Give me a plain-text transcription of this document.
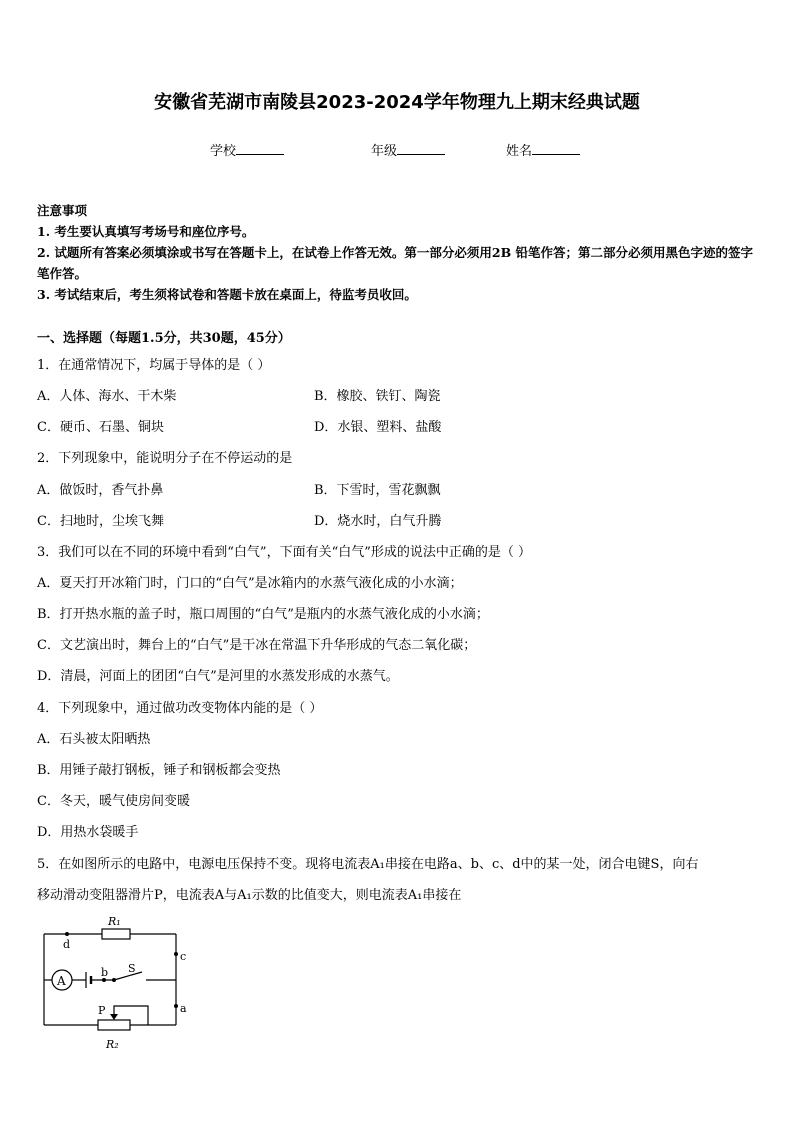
安徽省芜湖市南陵县2023-2024学年物理九上期末经典试题
学校	年级	姓名
注意事项
1. 考生要认真填写考场号和座位序号。
2. 试题所有答案必须填涂或书写在答题卡上，在试卷上作答无效。第一部分必须用2B 铅笔作答；第二部分必须用黑色字迹的签字笔作答。
3. 考试结束后，考生须将试卷和答题卡放在桌面上，待监考员收回。
一、选择题（每题1.5分，共30题，45分）
1．在通常情况下，均属于导体的是（ ）
A．人体、海水、干木柴	B．橡胶、铁钉、陶瓷
C．硬币、石墨、铜块	D．水银、塑料、盐酸
2．下列现象中，能说明分子在不停运动的是
A．做饭时，香气扑鼻	B．下雪时，雪花飘飘
C．扫地时，尘埃飞舞	D．烧水时，白气升腾
3．我们可以在不同的环境中看到“白气”，下面有关“白气”形成的说法中正确的是（ ）
A．夏天打开冰箱门时，门口的“白气”是冰箱内的水蒸气液化成的小水滴；
B．打开热水瓶的盖子时，瓶口周围的“白气”是瓶内的水蒸气液化成的小水滴；
C．文艺演出时，舞台上的“白气”是干冰在常温下升华形成的气态二氧化碳；
D．清晨，河面上的团团“白气”是河里的水蒸发形成的水蒸气。
4．下列现象中，通过做功改变物体内能的是（ ）
A．石头被太阳晒热
B．用锤子敲打钢板，锤子和钢板都会变热
C．冬天，暖气使房间变暖
D．用热水袋暖手
5．在如图所示的电路中，电源电压保持不变。现将电流表A₁串接在电路a、b、c、d中的某一处，闭合电键S，向右
移动滑动变阻器滑片P，电流表A与A₁示数的比值变大，则电流表A₁串接在
R₁
R₂
A
S
P	a
b
c
d
